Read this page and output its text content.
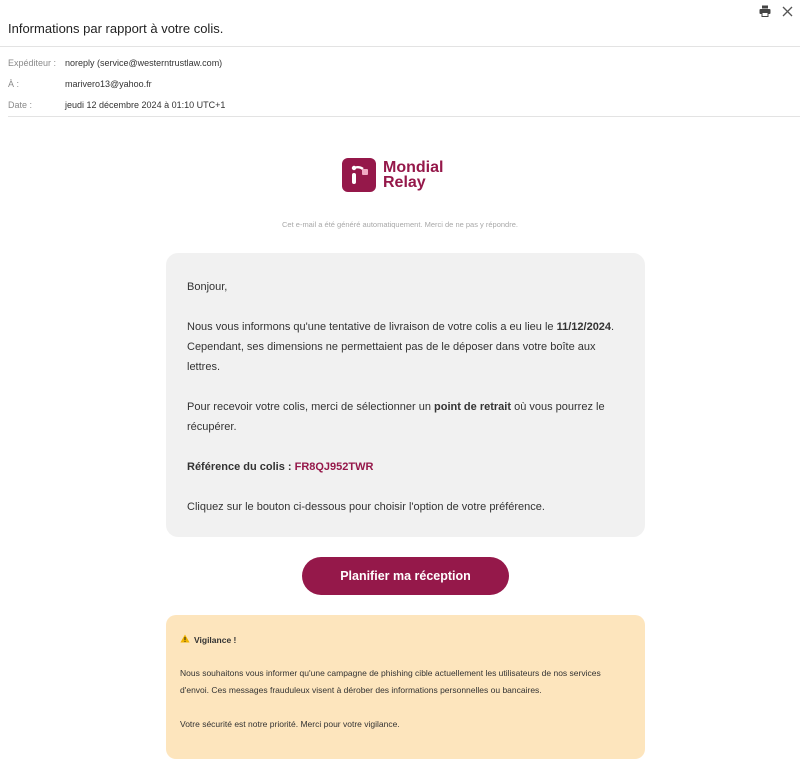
Informations par rapport à votre colis.
Expéditeur : noreply (service@westerntrustlaw.com)
À :	marivero13@yahoo.fr
Date :	jeudi 12 décembre 2024 à 01:10 UTC+1
Mondial
Relay
Cet e-mail a été généré automatiquement. Merci de ne pas y répondre.

Bonjour,

Nous vous informons qu'une tentative de livraison de votre colis a eu lieu le 11/12/2024. Cependant, ses dimensions ne permettaient pas de le déposer dans votre boîte aux lettres.

Pour recevoir votre colis, merci de sélectionner un point de retrait où vous pourrez le récupérer.

Référence du colis : FR8QJ952TWR

Cliquez sur le bouton ci-dessous pour choisir l'option de votre préférence.

Planifier ma réception
Vigilance !

Nous souhaitons vous informer qu'une campagne de phishing cible actuellement les utilisateurs de nos services d'envoi. Ces messages frauduleux visent à dérober des informations personnelles ou bancaires.

Votre sécurité est notre priorité. Merci pour votre vigilance.
